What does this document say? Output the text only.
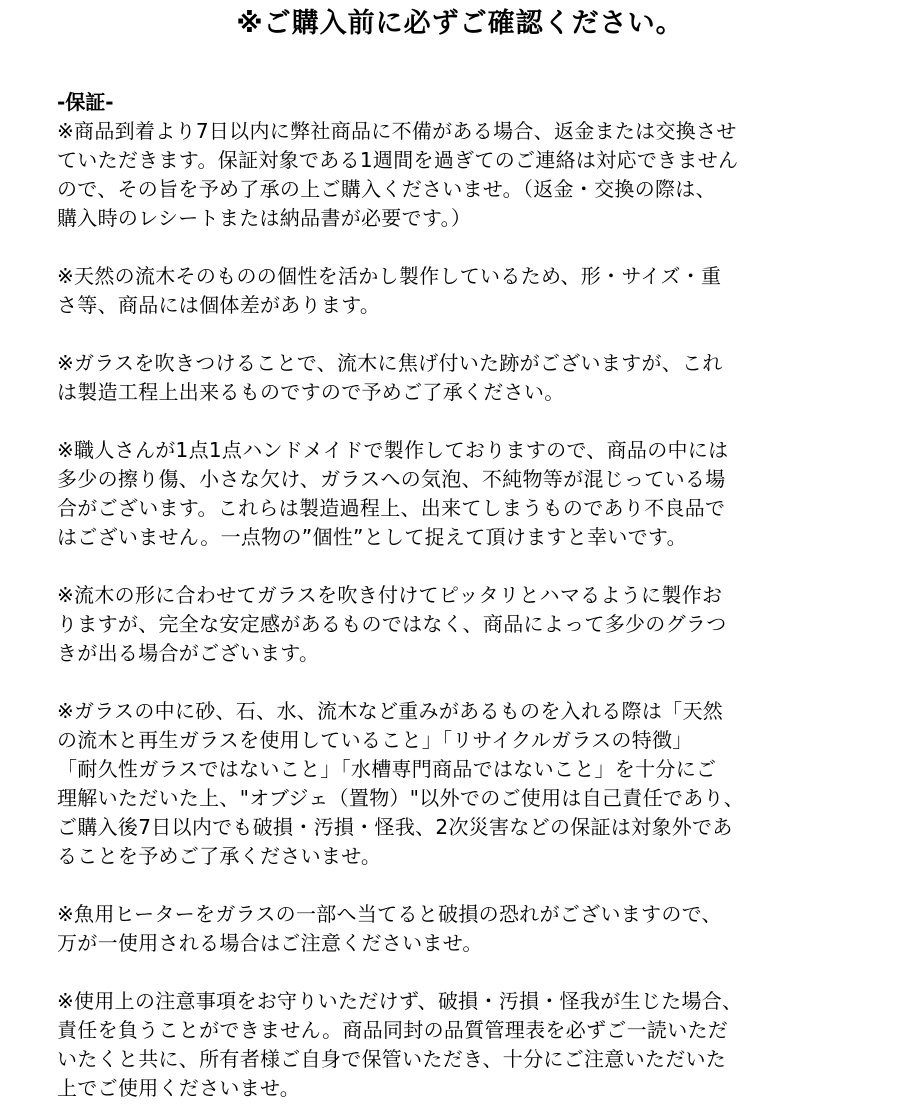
※ご購入前に必ずご確認ください。
-保証-

※商品到着より7日以内に弊社商品に不備がある場合、返金または交換させ
ていただきます。保証対象である1週間を過ぎてのご連絡は対応できません
ので、その旨を予め了承の上ご購入くださいませ。（返金・交換の際は、
購入時のレシートまたは納品書が必要です。）

※天然の流木そのものの個性を活かし製作しているため、形・サイズ・重
さ等、商品には個体差があります。

※ガラスを吹きつけることで、流木に焦げ付いた跡がございますが、これ
は製造工程上出来るものですので予めご了承ください。

※職人さんが1点1点ハンドメイドで製作しておりますので、商品の中には
多少の擦り傷、小さな欠け、ガラスへの気泡、不純物等が混じっている場
合がございます。これらは製造過程上、出来てしまうものであり不良品で
はございません。一点物の”個性”として捉えて頂けますと幸いです。

※流木の形に合わせてガラスを吹き付けてピッタリとハマるように製作お
りますが、完全な安定感があるものではなく、商品によって多少のグラつ
きが出る場合がございます。

※ガラスの中に砂、石、水、流木など重みがあるものを入れる際は「天然
の流木と再生ガラスを使用していること」「リサイクルガラスの特徴」
「耐久性ガラスではないこと」「水槽専門商品ではないこと」を十分にご
理解いただいた上、"オブジェ（置物）"以外でのご使用は自己責任であり、
ご購入後7日以内でも破損・汚損・怪我、2次災害などの保証は対象外であ
ることを予めご了承くださいませ。

※魚用ヒーターをガラスの一部へ当てると破損の恐れがございますので、
万が一使用される場合はご注意くださいませ。

※使用上の注意事項をお守りいただけず、破損・汚損・怪我が生じた場合、
責任を負うことができません。商品同封の品質管理表を必ずご一読いただ
いたくと共に、所有者様ご自身で保管いただき、十分にご注意いただいた
上でご使用くださいませ。
